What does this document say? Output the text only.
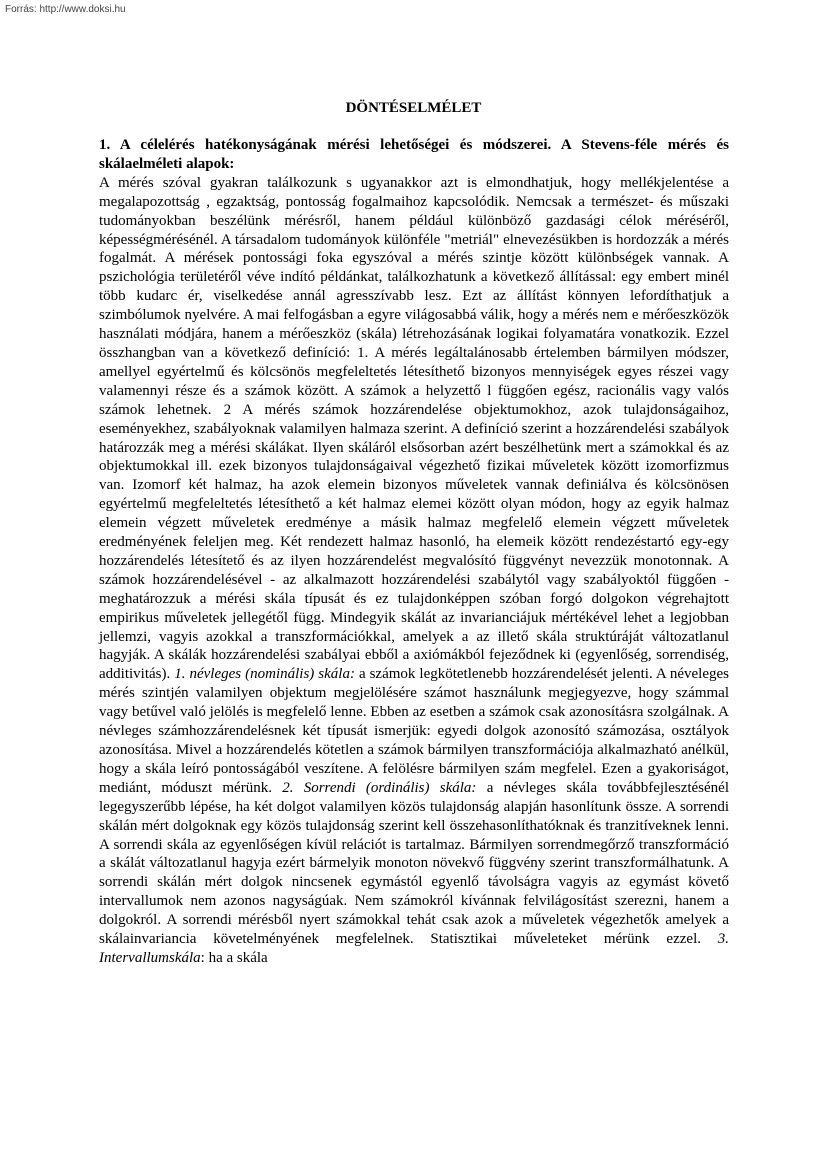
Forrás: http://www.doksi.hu
DÖNTÉSELMÉLET
1. A célelérés hatékonyságának mérési lehetőségei és módszerei. A Stevens-féle mérés és skálaelméleti alapok:

A mérés szóval gyakran találkozunk s ugyanakkor azt is elmondhatjuk, hogy mellékjelentése a megalapozottság , egzaktság, pontosság fogalmaihoz kapcsolódik. Nemcsak a természet- és műszaki tudományokban beszélünk mérésről, hanem például különböző gazdasági célok méréséről, képességmérésénél. A társadalom tudományok különféle "metriál" elnevezésükben is hordozzák a mérés fogalmát. A mérések pontossági foka egyszóval a mérés szintje között különbségek vannak. A pszichológia területéről véve indító példánkat, találkozhatunk a következő állítással: egy embert minél több kudarc ér, viselkedése annál agresszívabb lesz. Ezt az állítást könnyen lefordíthatjuk a szimbólumok nyelvére. A mai felfogásban a egyre világosabbá válik, hogy a mérés nem e mérőeszközök használati módjára, hanem a mérőeszköz (skála) létrehozásának logikai folyamatára vonatkozik. Ezzel összhangban van a következő definíció: 1. A mérés legáltalánosabb értelemben bármilyen módszer, amellyel egyértelmű és kölcsönös megfeleltetés létesíthető bizonyos mennyiségek egyes részei vagy valamennyi része és a számok között. A számok a helyzettő l függően egész, racionális vagy valós számok lehetnek. 2 A mérés számok hozzárendelése objektumokhoz, azok tulajdonságaihoz, eseményekhez, szabályoknak valamilyen halmaza szerint. A definíció szerint a hozzárendelési szabályok határozzák meg a mérési skálákat. Ilyen skáláról elsősorban azért beszélhetünk mert a számokkal és az objektumokkal ill. ezek bizonyos tulajdonságaival végezhető fizikai műveletek között izomorfizmus van. Izomorf két halmaz, ha azok elemein bizonyos műveletek vannak definiálva és kölcsönösen egyértelmű megfeleltetés létesíthető a két halmaz elemei között olyan módon, hogy az egyik halmaz elemein végzett műveletek eredménye a másik halmaz megfelelő elemein végzett műveletek eredményének feleljen meg. Két rendezett halmaz hasonló, ha elemeik között rendezéstartó egy-egy hozzárendelés létesítető és az ilyen hozzárendelést megvalósító függvényt nevezzük monotonnak. A számok hozzárendelésével - az alkalmazott hozzárendelési szabálytól vagy szabályoktól függően - meghatározzuk a mérési skála típusát és ez tulajdonképpen szóban forgó dolgokon végrehajtott empirikus műveletek jellegétől függ. Mindegyik skálát az invarianciájuk mértékével lehet a legjobban jellemzi, vagyis azokkal a transzformációkkal, amelyek a az illető skála struktúráját változatlanul hagyják. A skálák hozzárendelési szabályai ebből a axiómákból fejeződnek ki (egyenlőség, sorrendiség, additivitás). 1. névleges (nominális) skála: a számok legkötetlenebb hozzárendelését jelenti. A néveleges mérés szintjén valamilyen objektum megjelölésére számot használunk megjegyezve, hogy számmal vagy betűvel való jelölés is megfelelő lenne. Ebben az esetben a számok csak azonosításra szolgálnak. A névleges számhozzárendelésnek két típusát ismerjük: egyedi dolgok azonosító számozása, osztályok azonosítása. Mivel a hozzárendelés kötetlen a számok bármilyen transzformációja alkalmazható anélkül, hogy a skála leíró pontosságából veszítene. A felölésre bármilyen szám megfelel. Ezen a gyakoriságot, mediánt, móduszt mérünk. 2. Sorrendi (ordinális) skála: a névleges skála továbbfejlesztésénél legegyszerűbb lépése, ha két dolgot valamilyen közös tulajdonság alapján hasonlítunk össze. A sorrendi skálán mért dolgoknak egy közös tulajdonság szerint kell összehasonlíthatóknak és tranzitíveknek lenni. A sorrendi skála az egyenlőségen kívül relációt is tartalmaz. Bármilyen sorrendmegőrző transzformáció a skálát változatlanul hagyja ezért bármelyik monoton növekvő függvény szerint transzformálhatunk. A sorrendi skálán mért dolgok nincsenek egymástól egyenlő távolságra vagyis az egymást követő intervallumok nem azonos nagyságúak. Nem számokról kívánnak felvilágosítást szerezni, hanem a dolgokról. A sorrendi mérésből nyert számokkal tehát csak azok a műveletek végezhetők amelyek a skálainvariancia követelményének megfelelnek. Statisztikai műveleteket mérünk ezzel. 3. Intervallumskála: ha a skála
